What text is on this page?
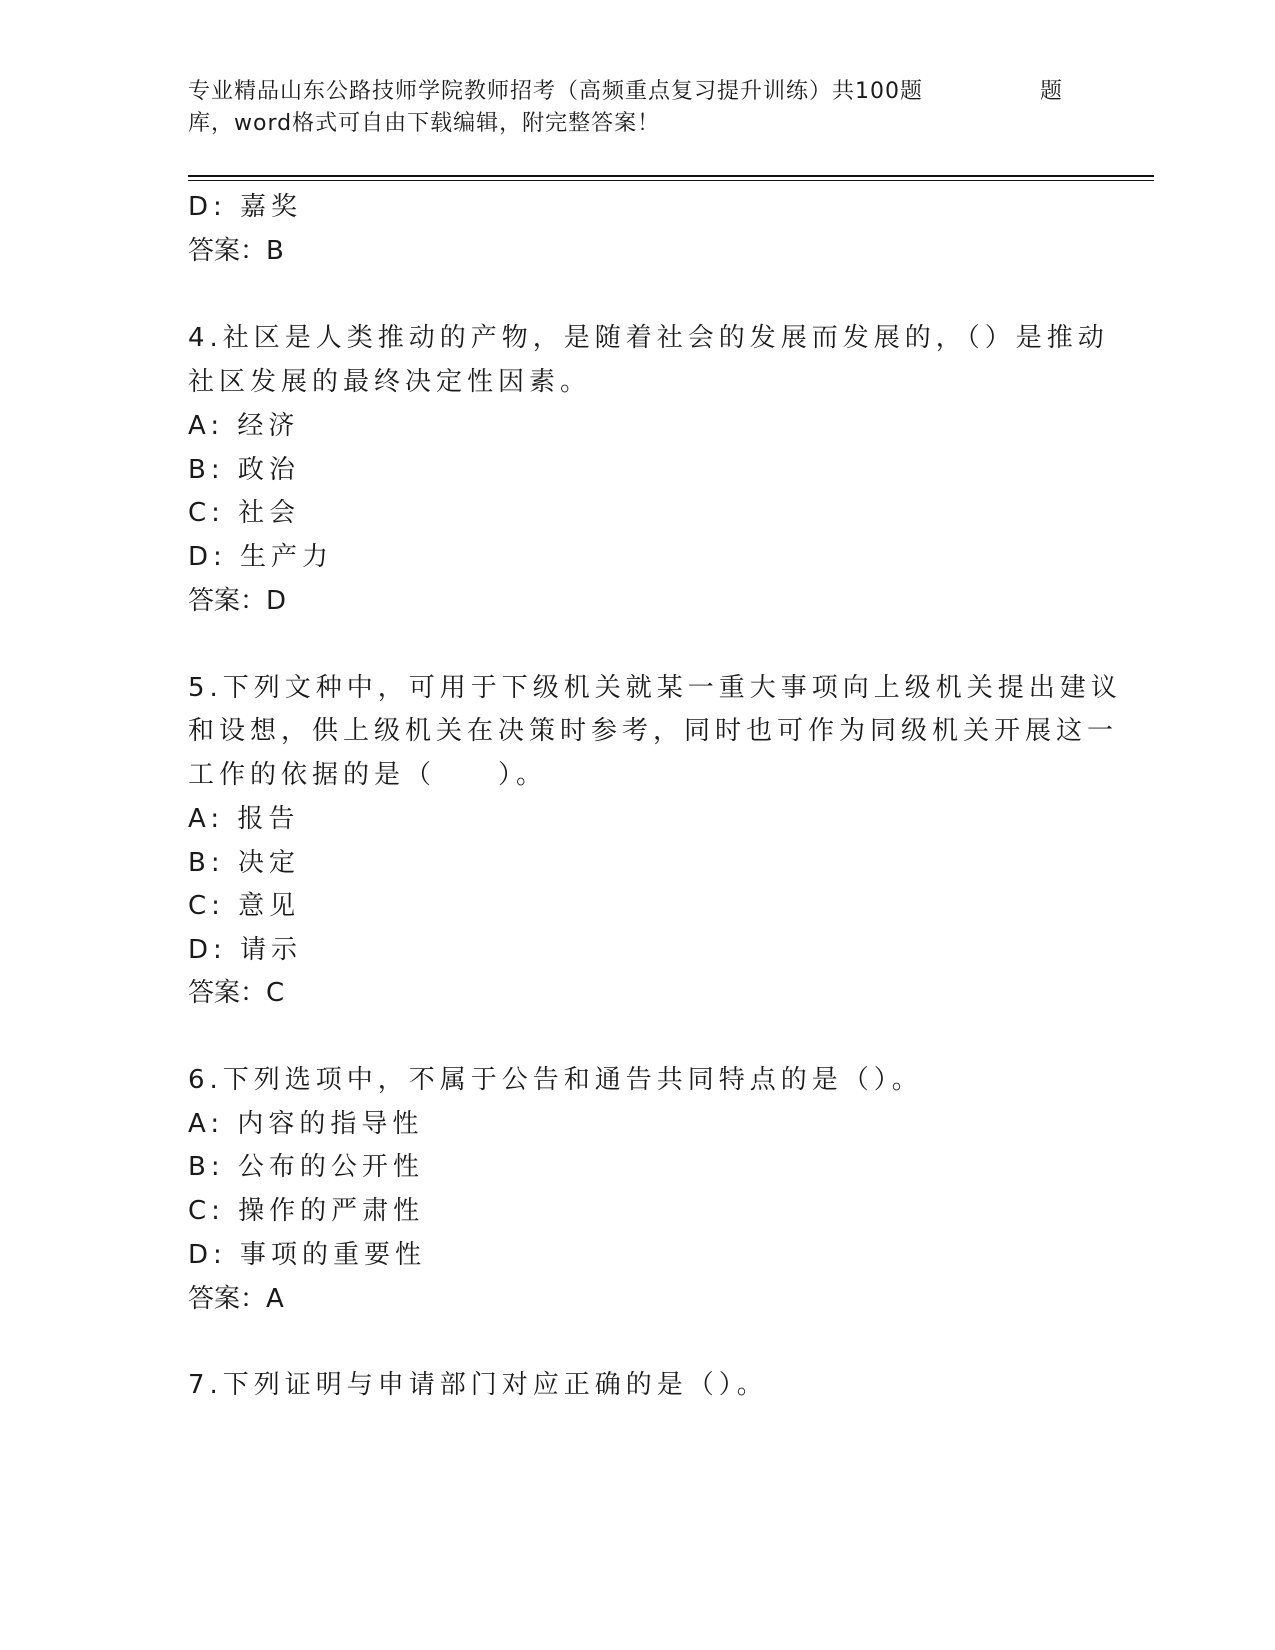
专业精品山东公路技师学院教师招考（高频重点复习提升训练）共100题	题
库，word格式可自由下载编辑，附完整答案！
D: 嘉奖
答案：B
4.社区是人类推动的产物，是随着社会的发展而发展的，（）是推动
社区发展的最终决定性因素。
A: 经济
B: 政治
C: 社会
D: 生产力
答案：D
5.下列文种中，可用于下级机关就某一重大事项向上级机关提出建议
和设想，供上级机关在决策时参考，同时也可作为同级机关开展这一
工作的依据的是（　　）。
A: 报告
B: 决定
C: 意见
D: 请示
答案：C
6.下列选项中，不属于公告和通告共同特点的是（）。
A: 内容的指导性
B: 公布的公开性
C: 操作的严肃性
D: 事项的重要性
答案：A
7.下列证明与申请部门对应正确的是（）。
